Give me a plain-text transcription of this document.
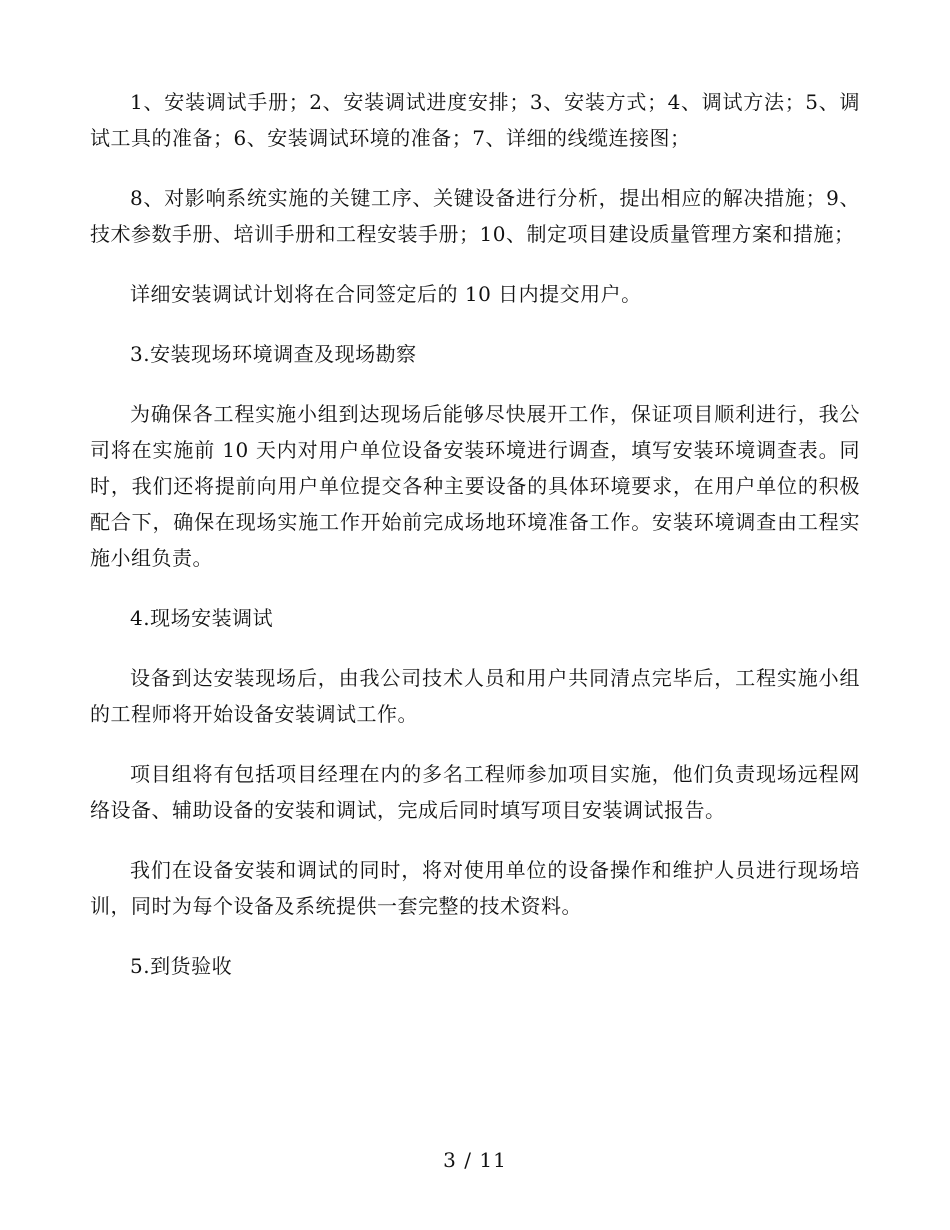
1、安装调试手册；2、安装调试进度安排；3、安装方式；4、调试方法；5、调试工具的准备；6、安装调试环境的准备；7、详细的线缆连接图；

8、对影响系统实施的关键工序、关键设备进行分析，提出相应的解决措施；9、技术参数手册、培训手册和工程安装手册；10、制定项目建设质量管理方案和措施；

详细安装调试计划将在合同签定后的 10 日内提交用户。

3.安装现场环境调查及现场勘察

为确保各工程实施小组到达现场后能够尽快展开工作，保证项目顺利进行，我公司将在实施前 10 天内对用户单位设备安装环境进行调查，填写安装环境调查表。同时，我们还将提前向用户单位提交各种主要设备的具体环境要求，在用户单位的积极配合下，确保在现场实施工作开始前完成场地环境准备工作。安装环境调查由工程实施小组负责。

4.现场安装调试

设备到达安装现场后，由我公司技术人员和用户共同清点完毕后，工程实施小组的工程师将开始设备安装调试工作。

项目组将有包括项目经理在内的多名工程师参加项目实施，他们负责现场远程网络设备、辅助设备的安装和调试，完成后同时填写项目安装调试报告。

我们在设备安装和调试的同时，将对使用单位的设备操作和维护人员进行现场培训，同时为每个设备及系统提供一套完整的技术资料。

5.到货验收

3 / 11
